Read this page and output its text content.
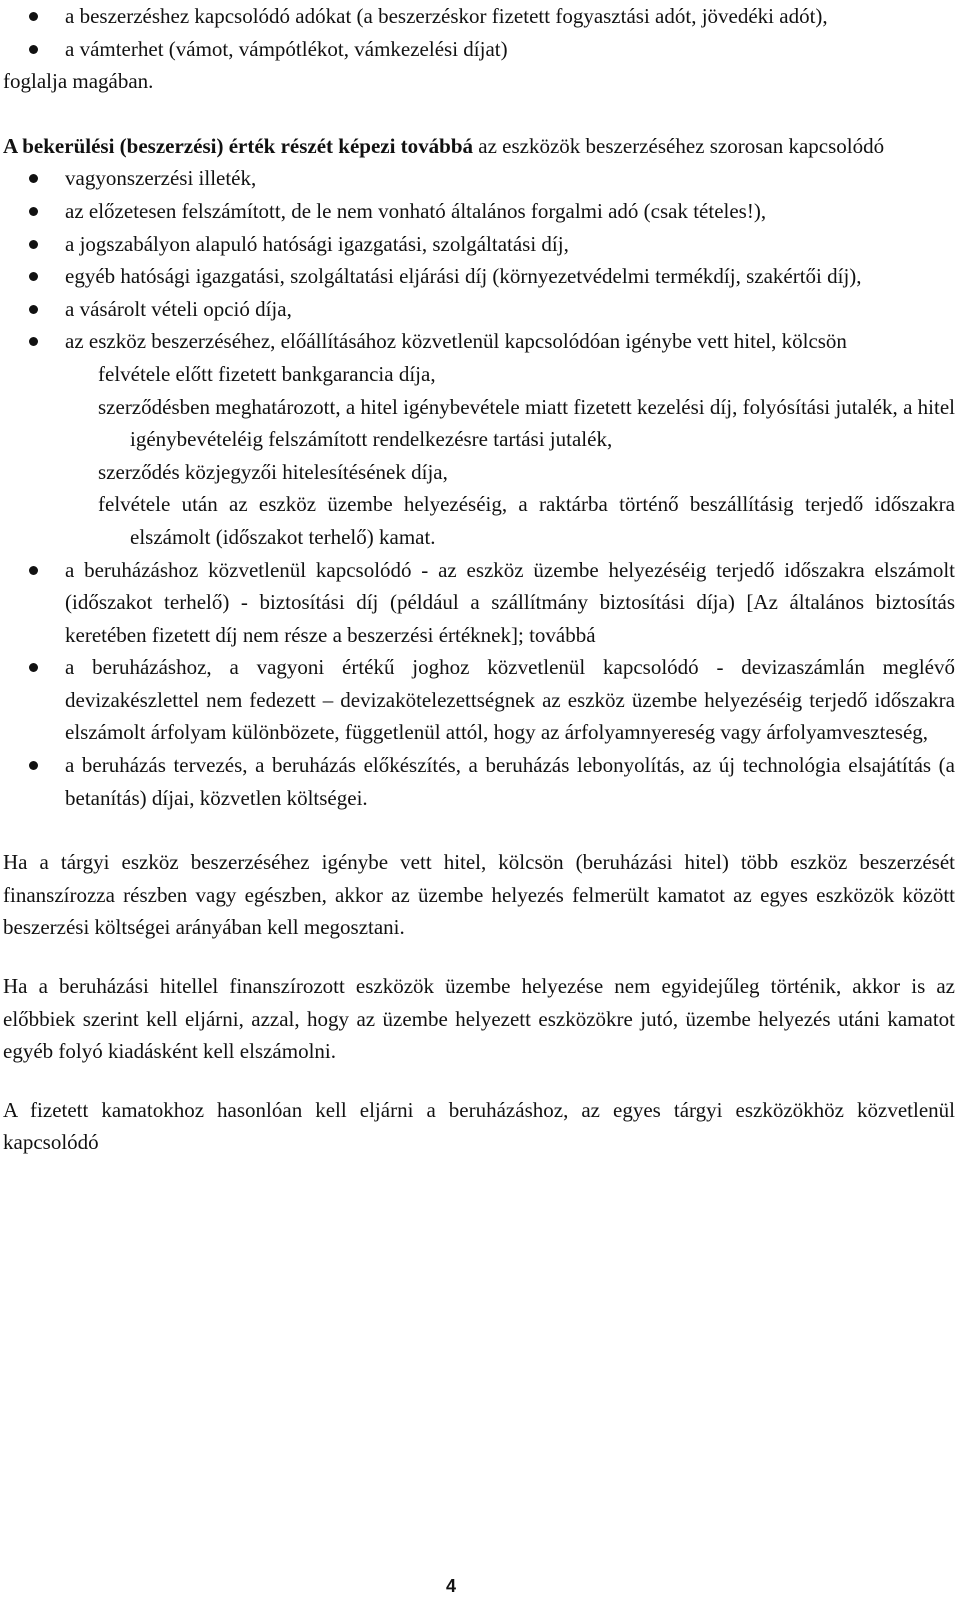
a beszerzéshez kapcsolódó adókat (a beszerzéskor fizetett fogyasztási adót, jövedéki adót),
a vámterhet (vámot, vámpótlékot, vámkezelési díjat)

foglalja magában.

A bekerülési (beszerzési) érték részét képezi továbbá az eszközök beszerzéséhez szorosan kapcsolódó

vagyonszerzési illeték,
az előzetesen felszámított, de le nem vonható általános forgalmi adó (csak tételes!),
a jogszabályon alapuló hatósági igazgatási, szolgáltatási díj,
egyéb hatósági igazgatási, szolgáltatási eljárási díj (környezetvédelmi termékdíj, szakértői díj),
a vásárolt vételi opció díja,
az eszköz beszerzéséhez, előállításához közvetlenül kapcsolódóan igénybe vett hitel, kölcsön
felvétele előtt fizetett bankgarancia díja,
szerződésben meghatározott, a hitel igénybevétele miatt fizetett kezelési díj, folyósítási jutalék, a hitel igénybevételéig felszámított rendelkezésre tartási jutalék,
szerződés közjegyzői hitelesítésének díja,
felvétele után az eszköz üzembe helyezéséig, a raktárba történő beszállításig terjedő időszakra elszámolt (időszakot terhelő) kamat.
a beruházáshoz közvetlenül kapcsolódó - az eszköz üzembe helyezéséig terjedő időszakra elszámolt (időszakot terhelő) - biztosítási díj (például a szállítmány biztosítási díja) [Az általános biztosítás keretében fizetett díj nem része a beszerzési értéknek]; továbbá
a beruházáshoz, a vagyoni értékű joghoz közvetlenül kapcsolódó - devizaszámlán meglévő devizakészlettel nem fedezett – devizakötelezettségnek az eszköz üzembe helyezéséig terjedő időszakra elszámolt árfolyam különbözete, függetlenül attól, hogy az árfolyamnyereség vagy árfolyamveszteség,
a beruházás tervezés, a beruházás előkészítés, a beruházás lebonyolítás, az új technológia elsajátítás (a betanítás) díjai, közvetlen költségei.

Ha a tárgyi eszköz beszerzéséhez igénybe vett hitel, kölcsön (beruházási hitel) több eszköz beszerzését finanszírozza részben vagy egészben, akkor az üzembe helyezés felmerült kamatot az egyes eszközök között beszerzési költségei arányában kell megosztani.

Ha a beruházási hitellel finanszírozott eszközök üzembe helyezése nem egyidejűleg történik, akkor is az előbbiek szerint kell eljárni, azzal, hogy az üzembe helyezett eszközökre jutó, üzembe helyezés utáni kamatot egyéb folyó kiadásként kell elszámolni.

A fizetett kamatokhoz hasonlóan kell eljárni a beruházáshoz, az egyes tárgyi eszközökhöz közvetlenül kapcsolódó

4
